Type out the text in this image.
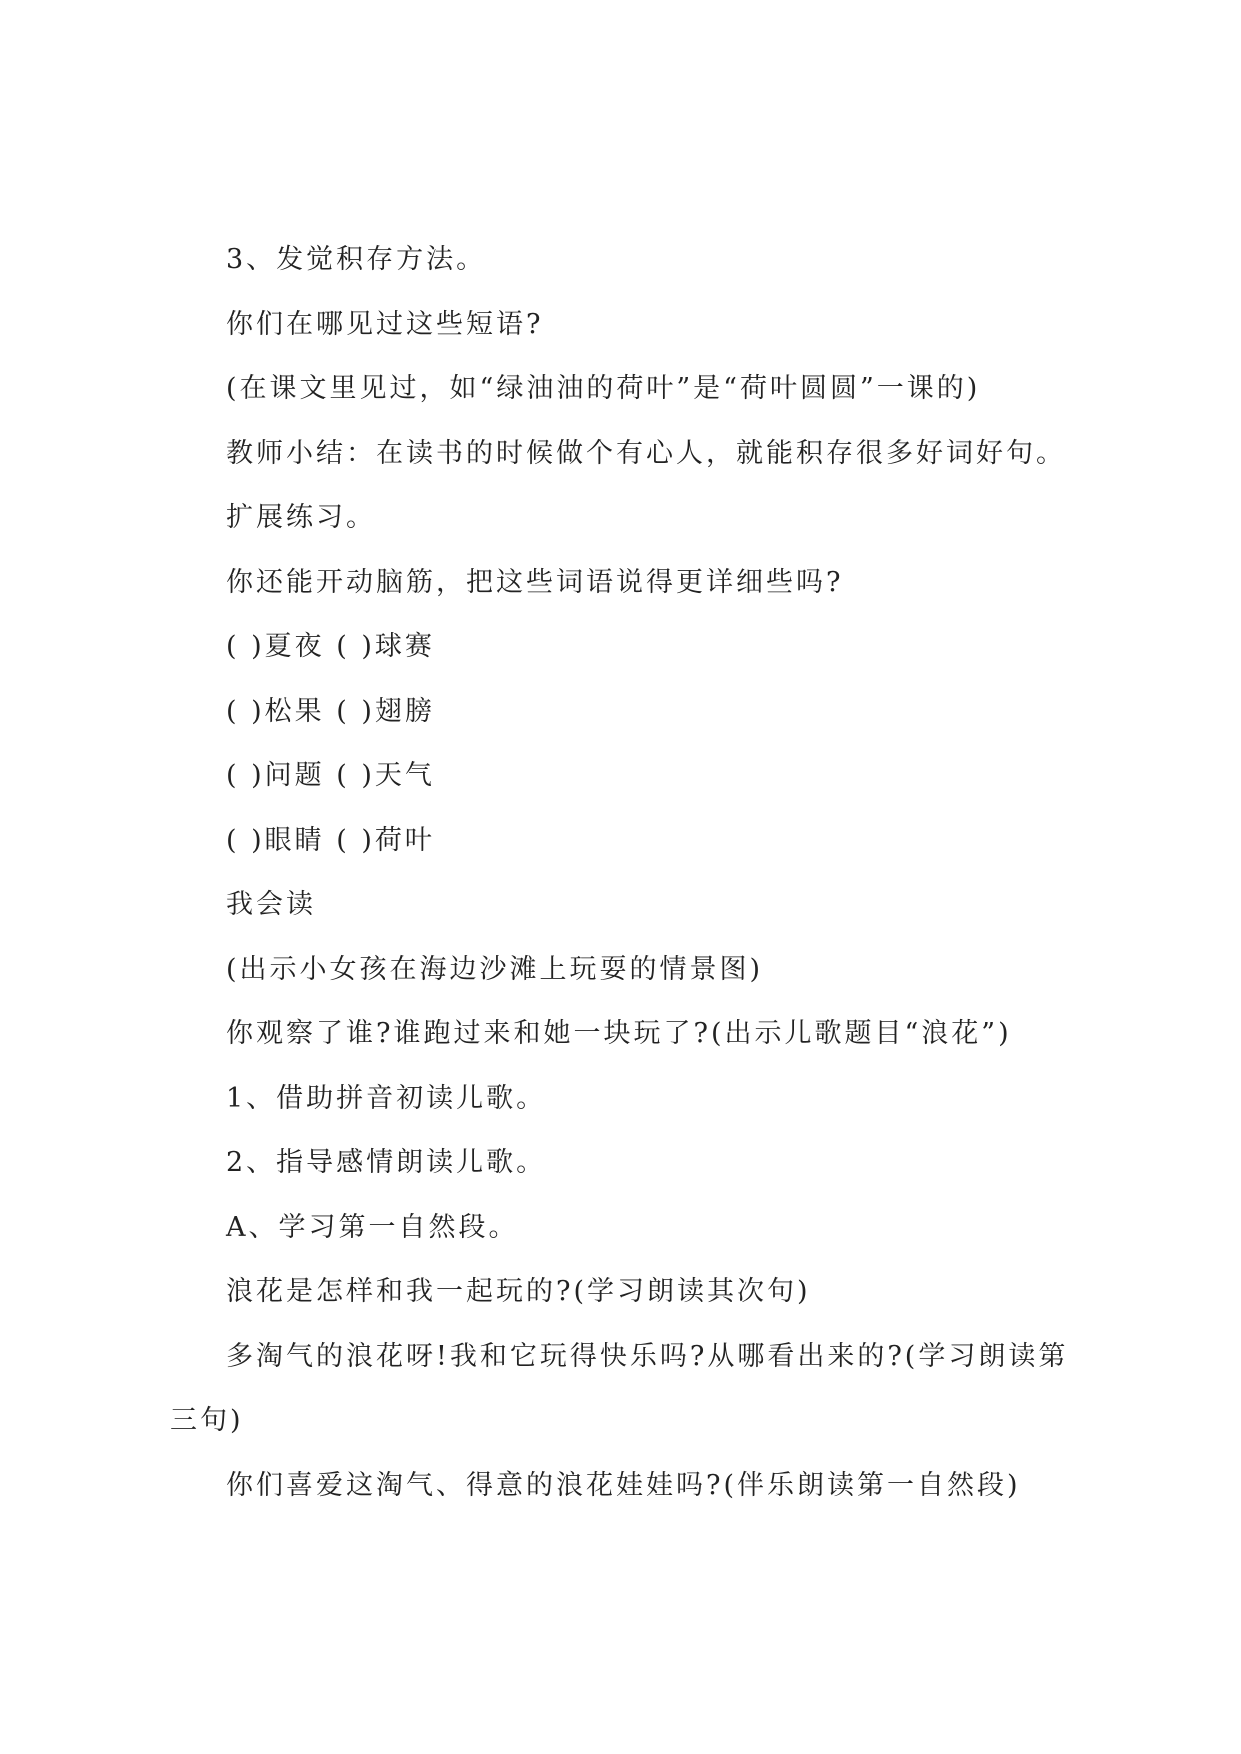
3、发觉积存方法。

你们在哪见过这些短语?

(在课文里见过，如“绿油油的荷叶”是“荷叶圆圆”一课的)

教师小结：在读书的时候做个有心人，就能积存很多好词好句。

扩展练习。

你还能开动脑筋，把这些词语说得更详细些吗?

( )夏夜 ( )球赛

( )松果 ( )翅膀

( )问题 ( )天气

( )眼睛 ( )荷叶

我会读

(出示小女孩在海边沙滩上玩耍的情景图)

你观察了谁?谁跑过来和她一块玩了?(出示儿歌题目“浪花”)

1、借助拼音初读儿歌。

2、指导感情朗读儿歌。

A、学习第一自然段。

浪花是怎样和我一起玩的?(学习朗读其次句)

多淘气的浪花呀!我和它玩得快乐吗?从哪看出来的?(学习朗读第三句)

你们喜爱这淘气、得意的浪花娃娃吗?(伴乐朗读第一自然段)
